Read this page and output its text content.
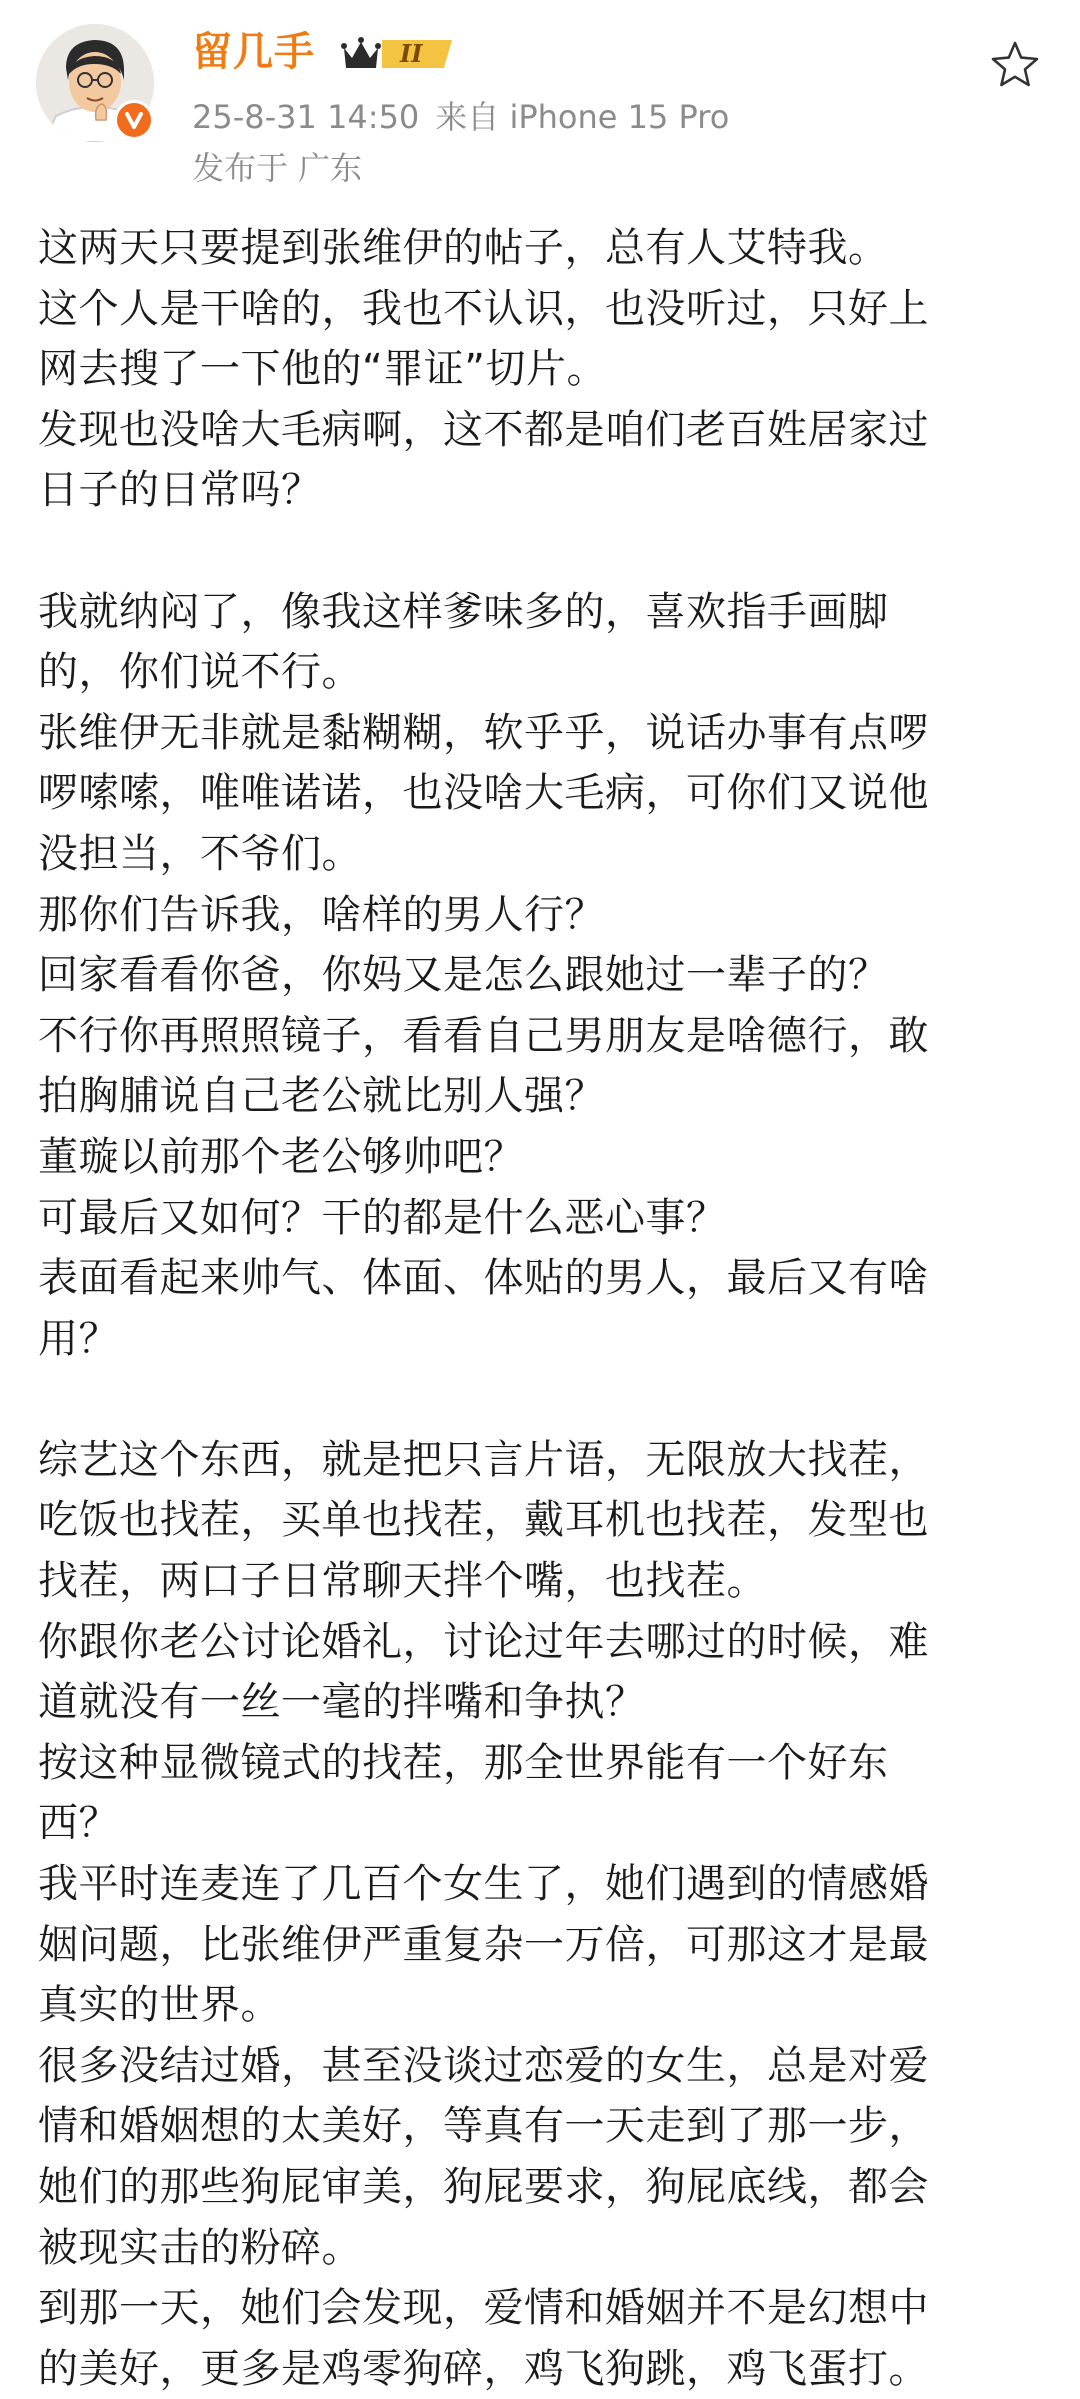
留几手	II
25-8-31 14:50 来自 iPhone 15 Pro
发布于 广东
这两天只要提到张维伊的帖子，总有人艾特我。
这个人是干啥的，我也不认识，也没听过，只好上
网去搜了一下他的“罪证”切片。
发现也没啥大毛病啊，这不都是咱们老百姓居家过
日子的日常吗？
我就纳闷了，像我这样爹味多的，喜欢指手画脚
的，你们说不行。
张维伊无非就是黏糊糊，软乎乎，说话办事有点啰
啰嗦嗦，唯唯诺诺，也没啥大毛病，可你们又说他
没担当，不爷们。
那你们告诉我，啥样的男人行？
回家看看你爸，你妈又是怎么跟她过一辈子的？
不行你再照照镜子，看看自己男朋友是啥德行，敢
拍胸脯说自己老公就比别人强？
董璇以前那个老公够帅吧？
可最后又如何？干的都是什么恶心事？
表面看起来帅气、体面、体贴的男人，最后又有啥
用？
综艺这个东西，就是把只言片语，无限放大找茬，
吃饭也找茬，买单也找茬，戴耳机也找茬，发型也
找茬，两口子日常聊天拌个嘴，也找茬。
你跟你老公讨论婚礼，讨论过年去哪过的时候，难
道就没有一丝一毫的拌嘴和争执？
按这种显微镜式的找茬，那全世界能有一个好东
西？
我平时连麦连了几百个女生了，她们遇到的情感婚
姻问题，比张维伊严重复杂一万倍，可那这才是最
真实的世界。
很多没结过婚，甚至没谈过恋爱的女生，总是对爱
情和婚姻想的太美好，等真有一天走到了那一步，
她们的那些狗屁审美，狗屁要求，狗屁底线，都会
被现实击的粉碎。
到那一天，她们会发现，爱情和婚姻并不是幻想中
的美好，更多是鸡零狗碎，鸡飞狗跳，鸡飞蛋打。
